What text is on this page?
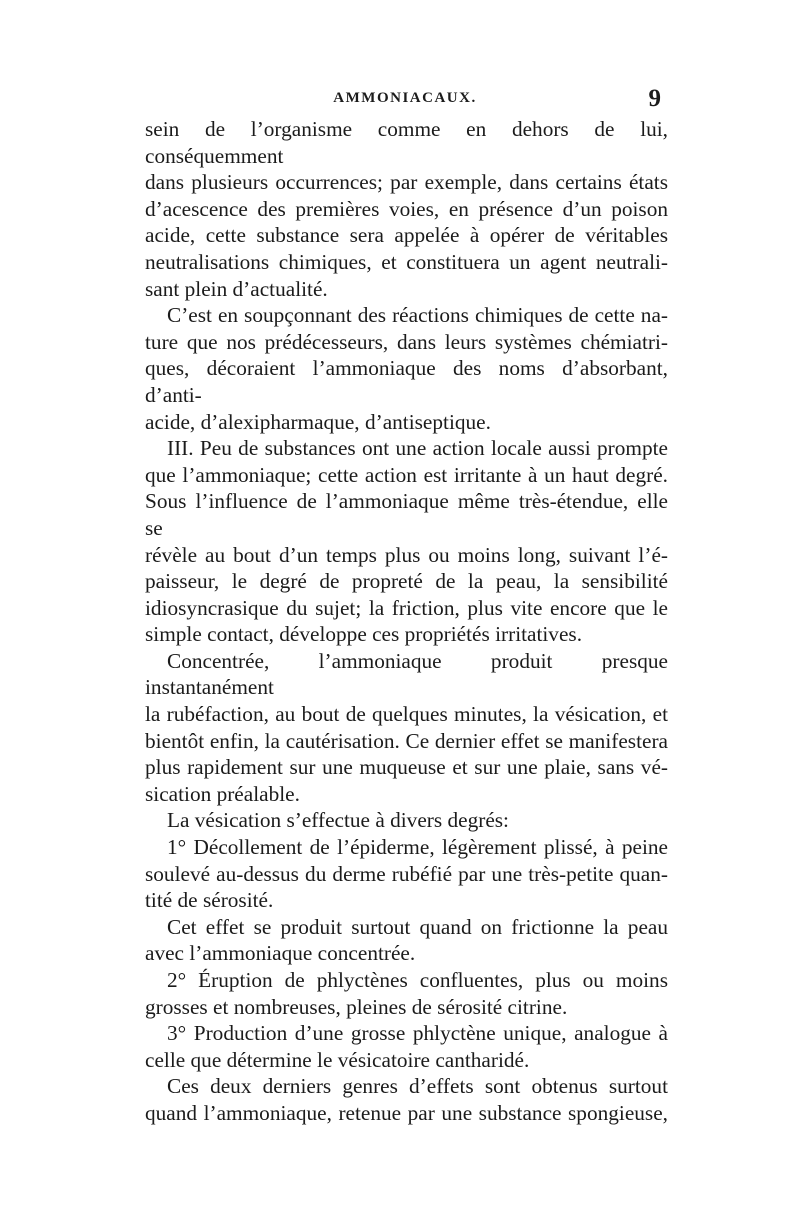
AMMONIACAUX.	9

sein de l’organisme comme en dehors de lui, conséquemment

dans plusieurs occurrences; par exemple, dans certains états

d’acescence des premières voies, en présence d’un poison

acide, cette substance sera appelée à opérer de véritables

neutralisations chimiques, et constituera un agent neutrali-

sant plein d’actualité.

C’est en soupçonnant des réactions chimiques de cette na-

ture que nos prédécesseurs, dans leurs systèmes chémiatri-

ques, décoraient l’ammoniaque des noms d’absorbant, d’anti-

acide, d’alexipharmaque, d’antiseptique.

III. Peu de substances ont une action locale aussi prompte

que l’ammoniaque; cette action est irritante à un haut degré.

Sous l’influence de l’ammoniaque même très-étendue, elle se

révèle au bout d’un temps plus ou moins long, suivant l’é-

paisseur, le degré de propreté de la peau, la sensibilité

idiosyncrasique du sujet; la friction, plus vite encore que le

simple contact, développe ces propriétés irritatives.

Concentrée, l’ammoniaque produit presque instantanément

la rubéfaction, au bout de quelques minutes, la vésication, et

bientôt enfin, la cautérisation. Ce dernier effet se manifestera

plus rapidement sur une muqueuse et sur une plaie, sans vé-

sication préalable.

La vésication s’effectue à divers degrés:

1° Décollement de l’épiderme, légèrement plissé, à peine

soulevé au-dessus du derme rubéfié par une très-petite quan-

tité de sérosité.

Cet effet se produit surtout quand on frictionne la peau

avec l’ammoniaque concentrée.

2° Éruption de phlyctènes confluentes, plus ou moins

grosses et nombreuses, pleines de sérosité citrine.

3° Production d’une grosse phlyctène unique, analogue à

celle que détermine le vésicatoire cantharidé.

Ces deux derniers genres d’effets sont obtenus surtout

quand l’ammoniaque, retenue par une substance spongieuse,
